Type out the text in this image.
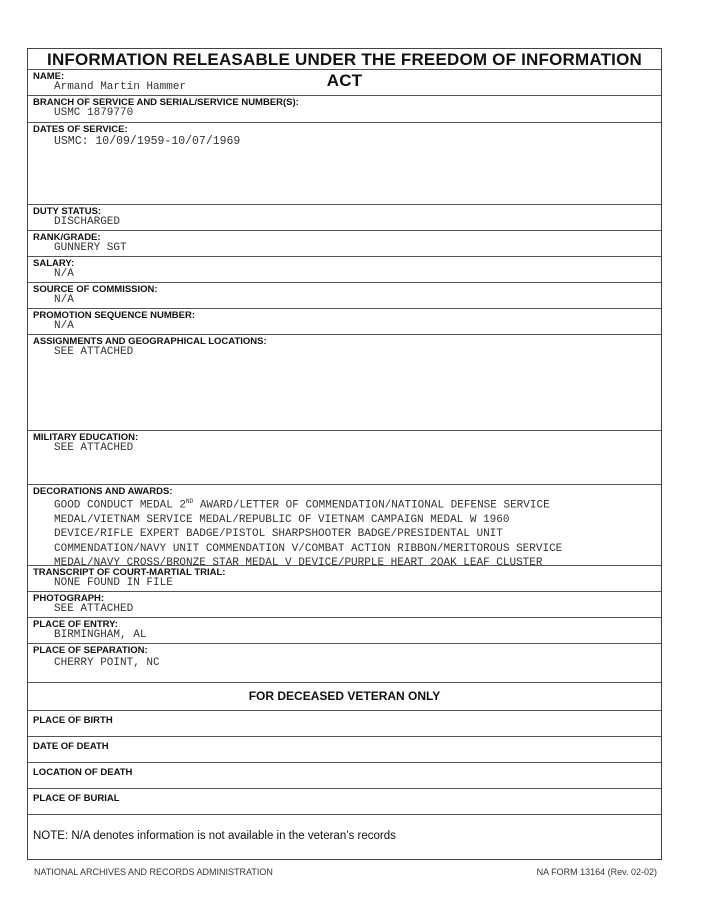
INFORMATION RELEASABLE UNDER THE FREEDOM OF INFORMATION ACT
NAME:
Armand Martin Hammer
BRANCH OF SERVICE AND SERIAL/SERVICE NUMBER(S):
USMC 1879770
DATES OF SERVICE:
USMC: 10/09/1959-10/07/1969
DUTY STATUS:
DISCHARGED
RANK/GRADE:
GUNNERY SGT
SALARY:
N/A
SOURCE OF COMMISSION:
N/A
PROMOTION SEQUENCE NUMBER:
N/A
ASSIGNMENTS AND GEOGRAPHICAL LOCATIONS:
SEE ATTACHED
MILITARY EDUCATION:
SEE ATTACHED
DECORATIONS AND AWARDS:
GOOD CONDUCT MEDAL 2ND AWARD/LETTER OF COMMENDATION/NATIONAL DEFENSE SERVICE
MEDAL/VIETNAM SERVICE MEDAL/REPUBLIC OF VIETNAM CAMPAIGN MEDAL W 1960
DEVICE/RIFLE EXPERT BADGE/PISTOL SHARPSHOOTER BADGE/PRESIDENTAL UNIT
COMMENDATION/NAVY UNIT COMMENDATION V/COMBAT ACTION RIBBON/MERITOROUS SERVICE
MEDAL/NAVY CROSS/BRONZE STAR MEDAL V DEVICE/PURPLE HEART 2OAK LEAF CLUSTER
TRANSCRIPT OF COURT-MARTIAL TRIAL:
NONE FOUND IN FILE
PHOTOGRAPH:
SEE ATTACHED
PLACE OF ENTRY:
BIRMINGHAM, AL
PLACE OF SEPARATION:
CHERRY POINT, NC
FOR DECEASED VETERAN ONLY
PLACE OF BIRTH
DATE OF DEATH
LOCATION OF DEATH
PLACE OF BURIAL
NOTE: N/A denotes information is not available in the veteran’s records
NATIONAL ARCHIVES AND RECORDS ADMINISTRATION	NA FORM 13164 (Rev. 02-02)
